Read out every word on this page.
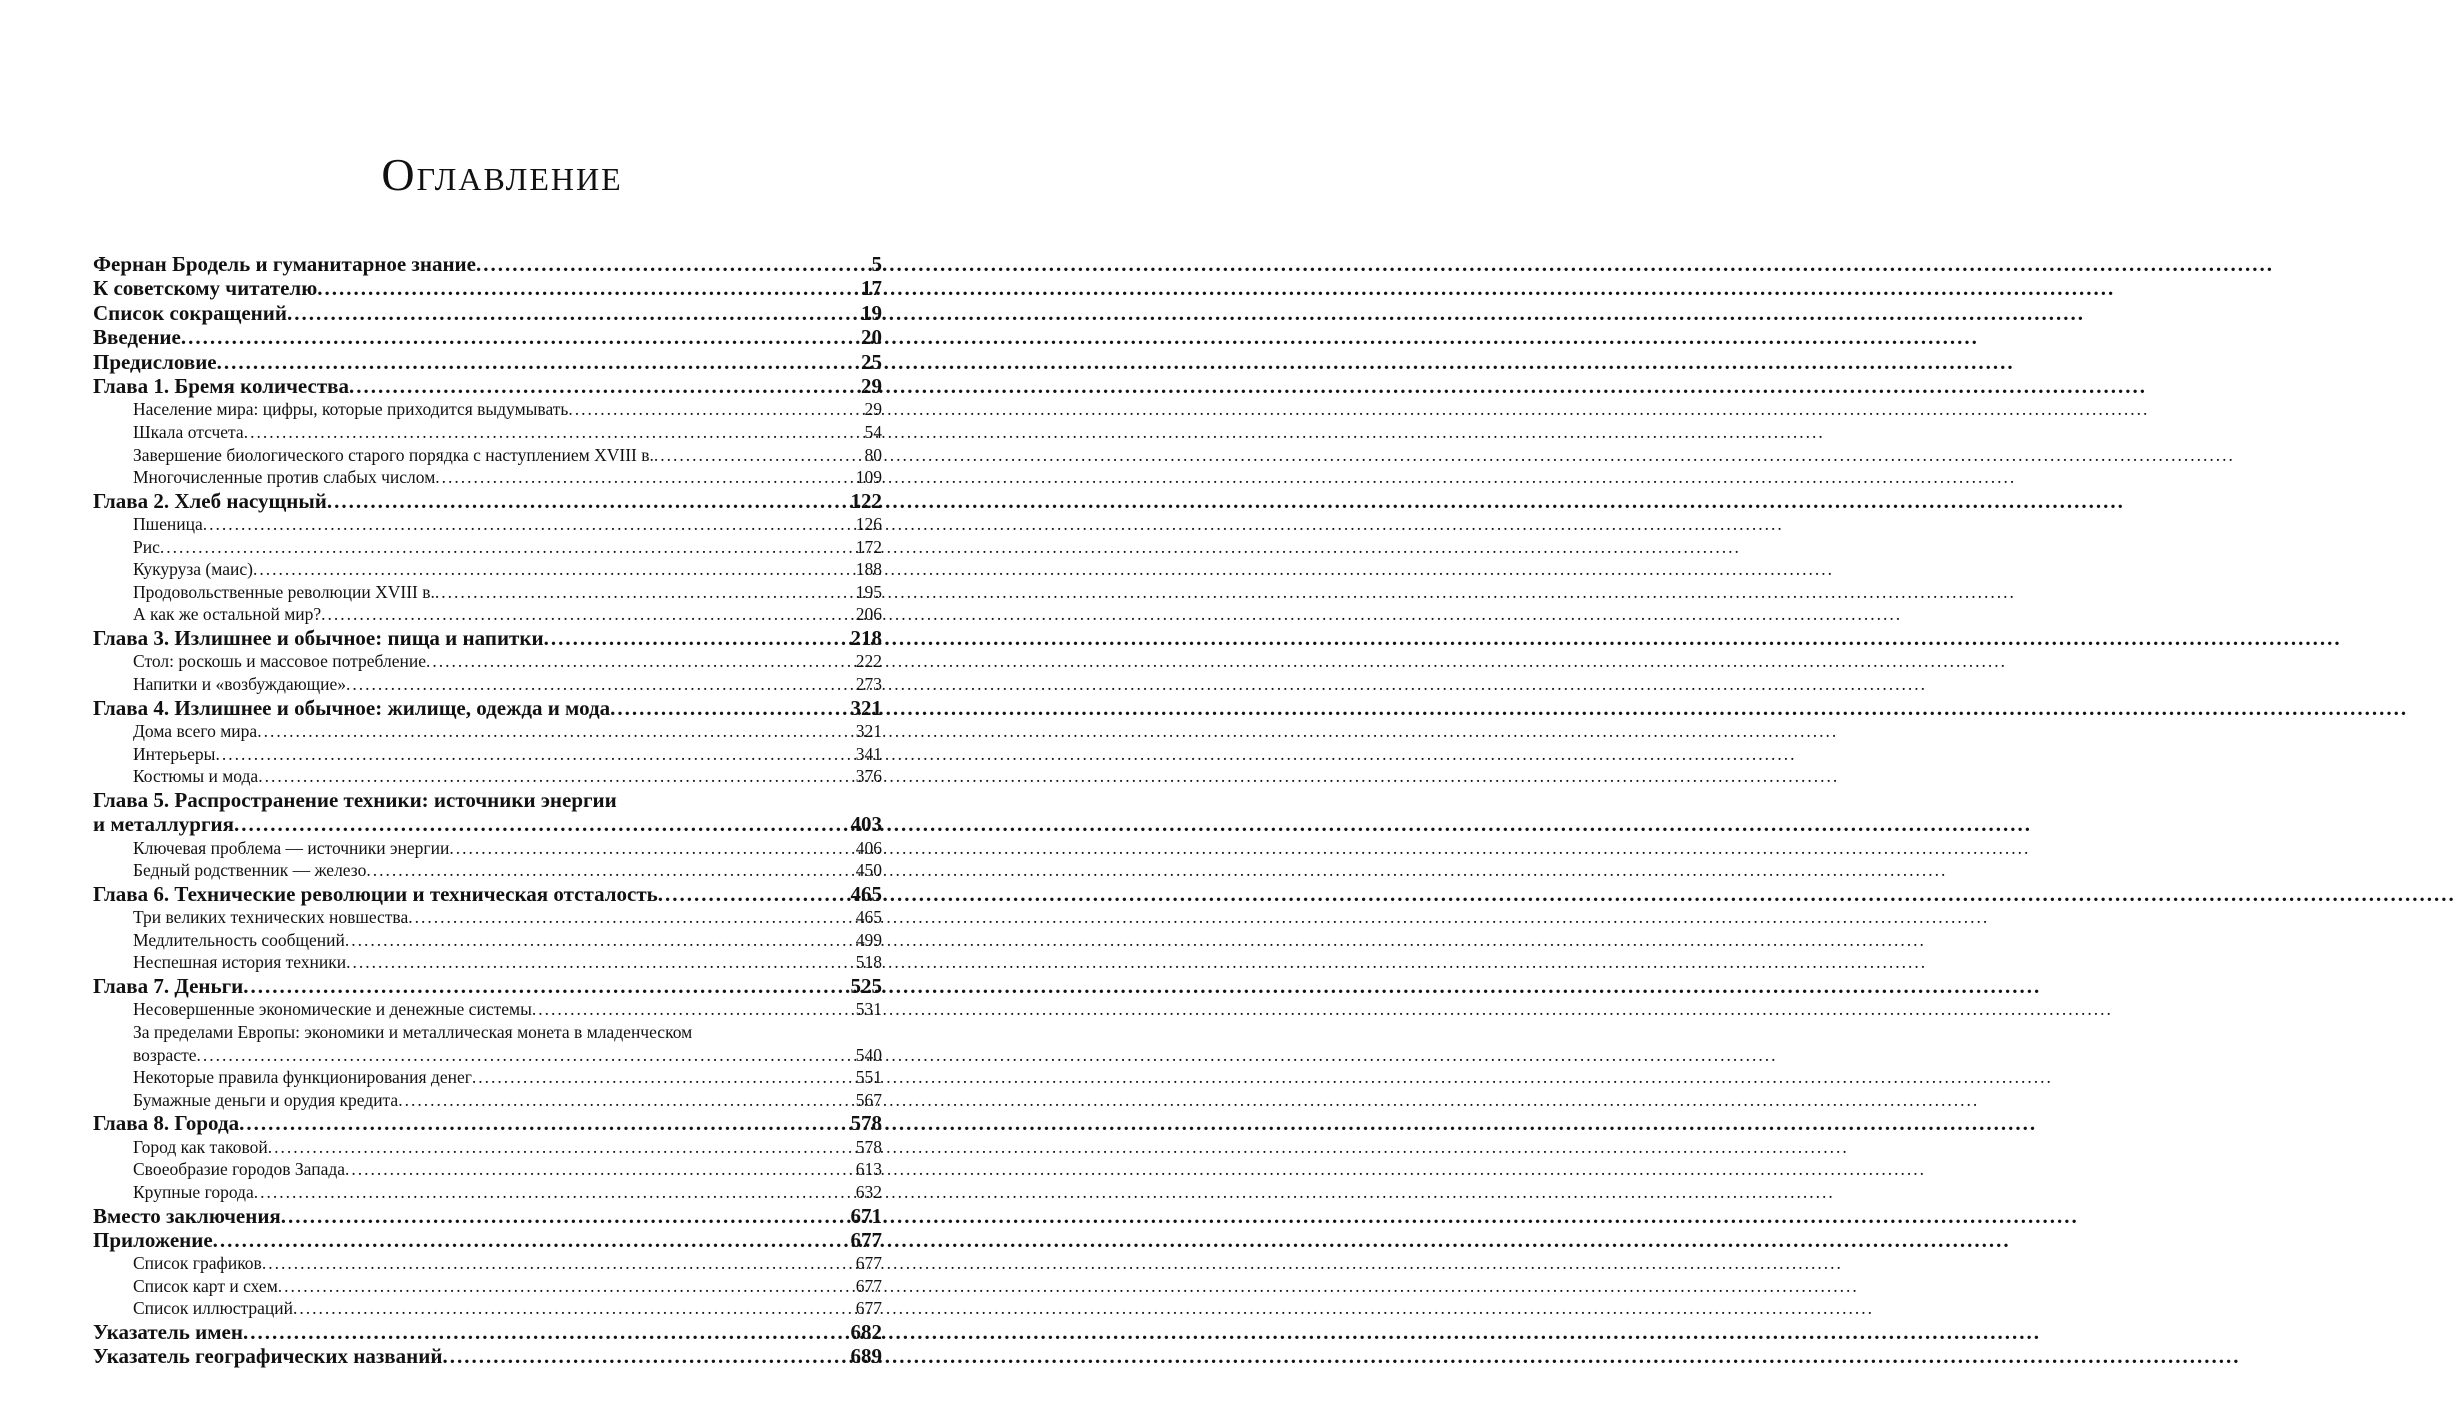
Оглавление
Фернан Бродель и гуманитарное знание .....	5
К советскому читателю .....	17
Список сокращений .....	19
Введение .....	20
Предисловие .....	25
Глава 1. Бремя количества .....	29
Население мира: цифры, которые приходится выдумывать .....	29
Шкала отсчета .....	54
Завершение биологического старого порядка с наступлением XVIII в. .....	80
Многочисленные против слабых числом .....	109
Глава 2. Хлеб насущный .....	122
Пшеница .....	126
Рис .....	172
Кукуруза (маис) .....	188
Продовольственные революции XVIII в. .....	195
А как же остальной мир? .....	206
Глава 3. Излишнее и обычное: пища и напитки .....	218
Стол: роскошь и массовое потребление .....	222
Напитки и «возбуждающие» .....	273
Глава 4. Излишнее и обычное: жилище, одежда и мода .....	321
Дома всего мира .....	321
Интерьеры .....	341
Костюмы и мода .....	376
Глава 5. Распространение техники: источники энергии
и металлургия .....	403
Ключевая проблема — источники энергии .....	406
Бедный родственник — железо .....	450
Глава 6. Технические революции и техническая отсталость .....	465
Три великих технических новшества .....	465
Медлительность сообщений .....	499
Неспешная история техники .....	518
Глава 7. Деньги .....	525
Несовершенные экономические и денежные системы .....	531
За пределами Европы: экономики и металлическая монета в младенческом
возрасте .....	540
Некоторые правила функционирования денег .....	551
Бумажные деньги и орудия кредита .....	567
Глава 8. Города .....	578
Город как таковой .....	578
Своеобразие городов Запада .....	613
Крупные города .....	632
Вместо заключения .....	671
Приложение .....	677
Список графиков .....	677
Список карт и схем .....	677
Список иллюстраций .....	677
Указатель имен .....	682
Указатель географических названий .....	689
